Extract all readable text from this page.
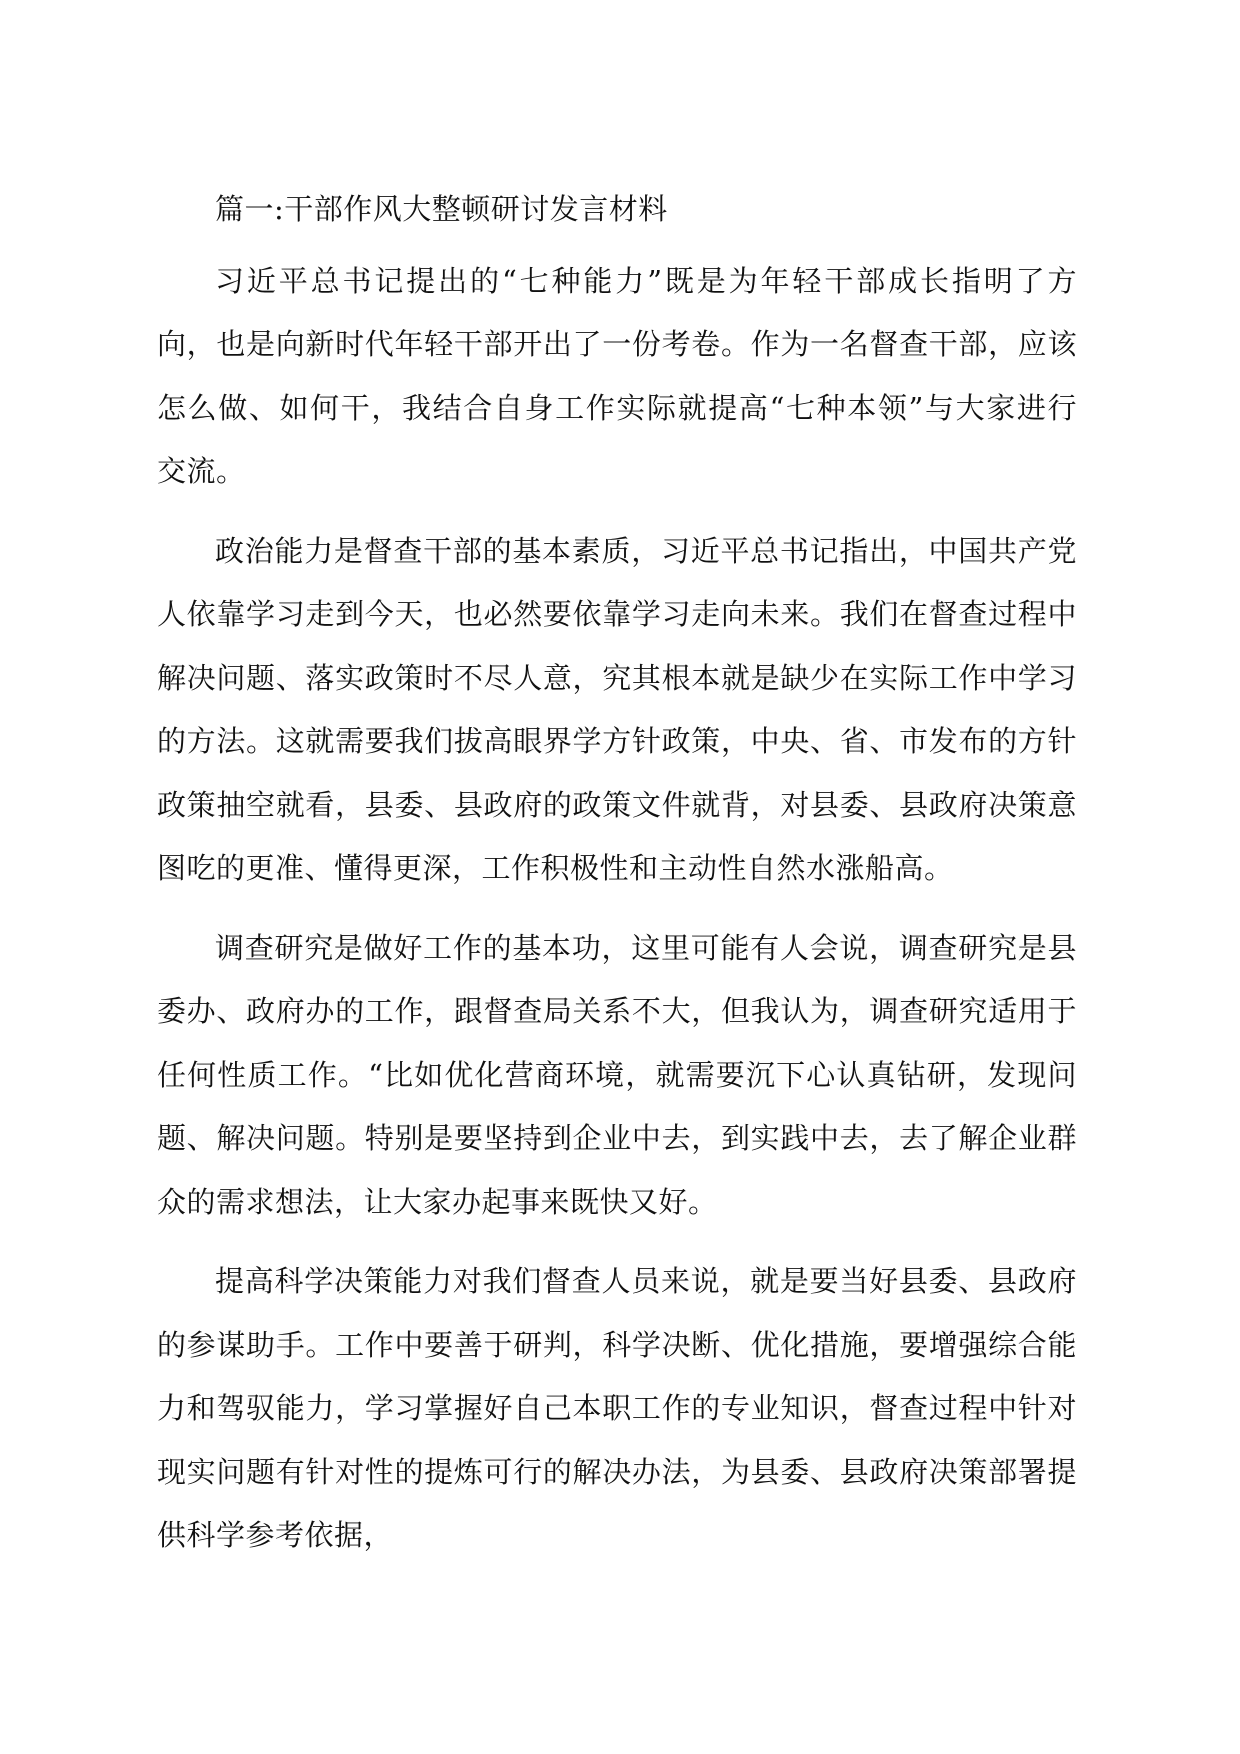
篇一:干部作风大整顿研讨发言材料

习近平总书记提出的“七种能力”既是为年轻干部成长指明了方
向，也是向新时代年轻干部开出了一份考卷。作为一名督查干部，应该
怎么做、如何干，我结合自身工作实际就提高“七种本领”与大家进行
交流。

政治能力是督查干部的基本素质，习近平总书记指出，中国共产党
人依靠学习走到今天，也必然要依靠学习走向未来。我们在督查过程中
解决问题、落实政策时不尽人意，究其根本就是缺少在实际工作中学习
的方法。这就需要我们拔高眼界学方针政策，中央、省、市发布的方针
政策抽空就看，县委、县政府的政策文件就背，对县委、县政府决策意
图吃的更准、懂得更深，工作积极性和主动性自然水涨船高。

调查研究是做好工作的基本功，这里可能有人会说，调查研究是县
委办、政府办的工作，跟督查局关系不大，但我认为，调查研究适用于
任何性质工作。“比如优化营商环境，就需要沉下心认真钻研，发现问
题、解决问题。特别是要坚持到企业中去，到实践中去，去了解企业群
众的需求想法，让大家办起事来既快又好。

提高科学决策能力对我们督查人员来说，就是要当好县委、县政府
的参谋助手。工作中要善于研判，科学决断、优化措施，要增强综合能
力和驾驭能力，学习掌握好自己本职工作的专业知识，督查过程中针对
现实问题有针对性的提炼可行的解决办法，为县委、县政府决策部署提
供科学参考依据，
